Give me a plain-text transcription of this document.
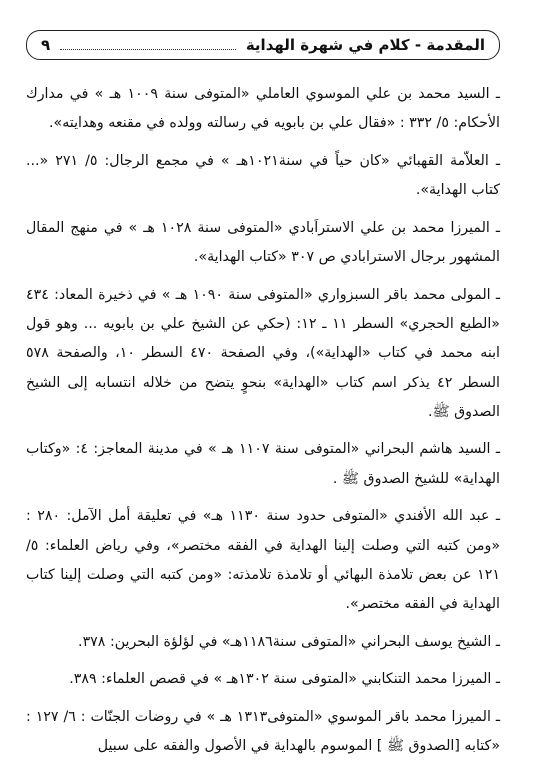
المقدمة - كلام في شهرة الهداية
٩

ـ السيد محمد بن علي الموسوي العاملي «المتوفى سنة ١٠٠٩ هـ » في مدارك الأحكام: ٥/ ٣٣٢ : «فقال علي بن بابويه في رسالته وولده في مقنعه وهدايته».

ـ العلاّمة القهبائي «كان حياً في سنة١٠٢١هـ » في مجمع الرجال: ٥/ ٢٧١ «... كتاب الهداية».

ـ الميرزا محمد بن علي الاستراَبادي «المتوفى سنة ١٠٢٨ هـ » في منهج المقال المشهور برجال الاسترابادي ص ٣٠٧ «كتاب الهداية».

ـ المولى محمد باقر السبزواري «المتوفى سنة ١٠٩٠ هـ » في ذخيرة المعاد: ٤٣٤ «الطبع الحجري» السطر ١١ ـ ١٢: (حكي عن الشيخ علي بن بابويه ... وهو قول ابنه محمد في كتاب «الهداية»)، وفي الصفحة ٤٧٠ السطر ١٠، والصفحة ٥٧٨ السطر ٤٢ يذكر اسم كتاب «الهداية» بنحوٍ يتضح من خلاله انتسابه إلى الشيخ الصدوق ﷺ.

ـ السيد هاشم البحراني «المتوفى سنة ١١٠٧ هـ » في مدينة المعاجز: ٤: «وكتاب الهداية» للشيخ الصدوق ﷺ .

ـ عبد الله الأفندي «المتوفى حدود سنة ١١٣٠ هـ» في تعليقة أمل الآمل: ٢٨٠ : «ومن كتبه التي وصلت إلينا الهداية في الفقه مختصر»، وفي رياض العلماء: ٥/ ١٢١ عن بعض تلامذة البهائي أو تلامذة تلامذته: «ومن كتبه التي وصلت إلينا كتاب الهداية في الفقه مختصر».

ـ الشيخ يوسف البحراني «المتوفى سنة١١٨٦هـ» في لؤلؤة البحرين: ٣٧٨.

ـ الميرزا محمد التنكابني «المتوفى سنة ١٣٠٢هـ » في قصص العلماء: ٣٨٩.

ـ الميرزا محمد باقر الموسوي «المتوفى١٣١٣ هـ » في روضات الجنّات : ٦/ ١٢٧ : «كتابه [الصدوق ﷺ ] الموسوم بالهداية في الأصول والفقه على سبيل
